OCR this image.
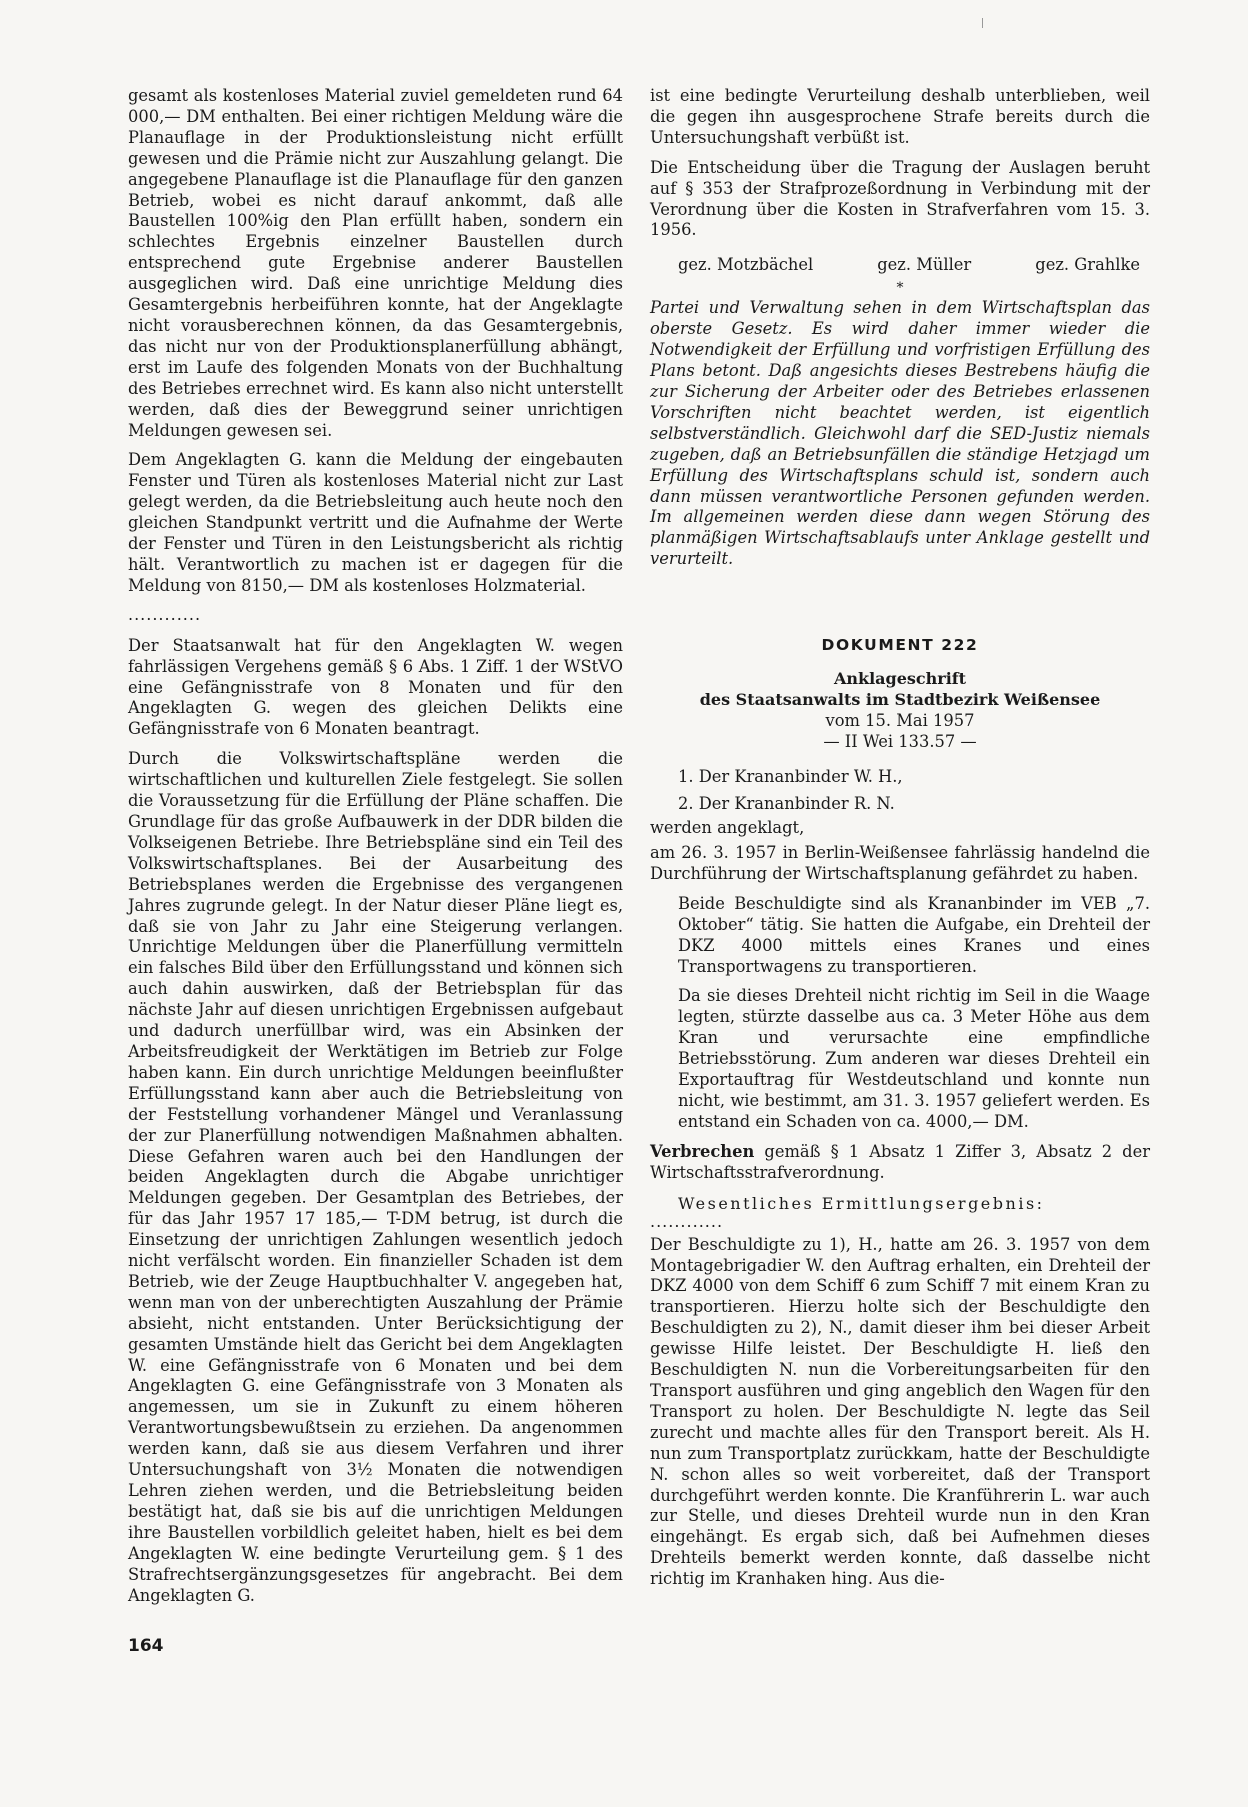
gesamt als kostenloses Material zuviel gemeldeten rund 64 000,— DM enthalten. Bei einer richtigen Meldung wäre die Planauflage in der Produktionsleistung nicht erfüllt gewesen und die Prämie nicht zur Auszahlung gelangt. Die angegebene Planauflage ist die Planauflage für den ganzen Betrieb, wobei es nicht darauf ankommt, daß alle Baustellen 100%ig den Plan erfüllt haben, sondern ein schlechtes Ergebnis einzelner Baustellen durch entsprechend gute Ergebnise anderer Baustellen ausgeglichen wird. Daß eine unrichtige Meldung dies Gesamtergebnis herbeiführen konnte, hat der Angeklagte nicht vorausberechnen können, da das Gesamtergebnis, das nicht nur von der Produktionsplanerfüllung abhängt, erst im Laufe des folgenden Monats von der Buchhaltung des Betriebes errechnet wird. Es kann also nicht unterstellt werden, daß dies der Beweggrund seiner unrichtigen Meldungen gewesen sei.

Dem Angeklagten G. kann die Meldung der eingebauten Fenster und Türen als kostenloses Material nicht zur Last gelegt werden, da die Betriebsleitung auch heute noch den gleichen Standpunkt vertritt und die Aufnahme der Werte der Fenster und Türen in den Leistungsbericht als richtig hält. Verantwortlich zu machen ist er dagegen für die Meldung von 8150,— DM als kostenloses Holzmaterial.

............

Der Staatsanwalt hat für den Angeklagten W. wegen fahrlässigen Vergehens gemäß § 6 Abs. 1 Ziff. 1 der WStVO eine Gefängnisstrafe von 8 Monaten und für den Angeklagten G. wegen des gleichen Delikts eine Gefängnisstrafe von 6 Monaten beantragt.

Durch die Volkswirtschaftspläne werden die wirtschaftlichen und kulturellen Ziele festgelegt. Sie sollen die Voraussetzung für die Erfüllung der Pläne schaffen. Die Grundlage für das große Aufbauwerk in der DDR bilden die Volkseigenen Betriebe. Ihre Betriebspläne sind ein Teil des Volkswirtschaftsplanes. Bei der Ausarbeitung des Betriebsplanes werden die Ergebnisse des vergangenen Jahres zugrunde gelegt. In der Natur dieser Pläne liegt es, daß sie von Jahr zu Jahr eine Steigerung verlangen. Unrichtige Meldungen über die Planerfüllung vermitteln ein falsches Bild über den Erfüllungsstand und können sich auch dahin auswirken, daß der Betriebsplan für das nächste Jahr auf diesen unrichtigen Ergebnissen aufgebaut und dadurch unerfüllbar wird, was ein Absinken der Arbeitsfreudigkeit der Werktätigen im Betrieb zur Folge haben kann. Ein durch unrichtige Meldungen beeinflußter Erfüllungsstand kann aber auch die Betriebsleitung von der Feststellung vorhandener Mängel und Veranlassung der zur Planerfüllung notwendigen Maßnahmen abhalten. Diese Gefahren waren auch bei den Handlungen der beiden Angeklagten durch die Abgabe unrichtiger Meldungen gegeben. Der Gesamtplan des Betriebes, der für das Jahr 1957 17 185,— T-DM betrug, ist durch die Einsetzung der unrichtigen Zahlungen wesentlich jedoch nicht verfälscht worden. Ein finanzieller Schaden ist dem Betrieb, wie der Zeuge Hauptbuchhalter V. angegeben hat, wenn man von der unberechtigten Auszahlung der Prämie absieht, nicht entstanden. Unter Berücksichtigung der gesamten Umstände hielt das Gericht bei dem Angeklagten W. eine Gefängnisstrafe von 6 Monaten und bei dem Angeklagten G. eine Gefängnisstrafe von 3 Monaten als angemessen, um sie in Zukunft zu einem höheren Verantwortungsbewußtsein zu erziehen. Da angenommen werden kann, daß sie aus diesem Verfahren und ihrer Untersuchungshaft von 3½ Monaten die notwendigen Lehren ziehen werden, und die Betriebsleitung beiden bestätigt hat, daß sie bis auf die unrichtigen Meldungen ihre Baustellen vorbildlich geleitet haben, hielt es bei dem Angeklagten W. eine bedingte Verurteilung gem. § 1 des Strafrechtsergänzungsgesetzes für angebracht. Bei dem Angeklagten G.

ist eine bedingte Verurteilung deshalb unterblieben, weil die gegen ihn ausgesprochene Strafe bereits durch die Untersuchungshaft verbüßt ist.

Die Entscheidung über die Tragung der Auslagen beruht auf § 353 der Strafprozeßordnung in Verbindung mit der Verordnung über die Kosten in Strafverfahren vom 15. 3. 1956.

gez. Motzbächel	gez. Müller	gez. Grahlke
*

Partei und Verwaltung sehen in dem Wirtschaftsplan das oberste Gesetz. Es wird daher immer wieder die Notwendigkeit der Erfüllung und vorfristigen Erfüllung des Plans betont. Daß angesichts dieses Bestrebens häufig die zur Sicherung der Arbeiter oder des Betriebes erlassenen Vorschriften nicht beachtet werden, ist eigentlich selbstverständlich. Gleichwohl darf die SED-Justiz niemals zugeben, daß an Betriebsunfällen die ständige Hetzjagd um Erfüllung des Wirtschaftsplans schuld ist, sondern auch dann müssen verantwortliche Personen gefunden werden. Im allgemeinen werden diese dann wegen Störung des planmäßigen Wirtschaftsablaufs unter Anklage gestellt und verurteilt.

DOKUMENT 222
Anklageschrift
des Staatsanwalts im Stadtbezirk Weißensee
vom 15. Mai 1957
— II Wei 133.57 —
1. Der Krananbinder W. H.,
2. Der Krananbinder R. N.

werden angeklagt,

am 26. 3. 1957 in Berlin-Weißensee fahrlässig handelnd die Durchführung der Wirtschaftsplanung gefährdet zu haben.

Beide Beschuldigte sind als Krananbinder im VEB „7. Oktober“ tätig. Sie hatten die Aufgabe, ein Drehteil der DKZ 4000 mittels eines Kranes und eines Transportwagens zu transportieren.

Da sie dieses Drehteil nicht richtig im Seil in die Waage legten, stürzte dasselbe aus ca. 3 Meter Höhe aus dem Kran und verursachte eine empfindliche Betriebsstörung. Zum anderen war dieses Drehteil ein Exportauftrag für Westdeutschland und konnte nun nicht, wie bestimmt, am 31. 3. 1957 geliefert werden. Es entstand ein Schaden von ca. 4000,— DM.

Verbrechen gemäß § 1 Absatz 1 Ziffer 3, Absatz 2 der Wirtschaftsstrafverordnung.

Wesentliches Ermittlungsergebnis:
............

Der Beschuldigte zu 1), H., hatte am 26. 3. 1957 von dem Montagebrigadier W. den Auftrag erhalten, ein Drehteil der DKZ 4000 von dem Schiff 6 zum Schiff 7 mit einem Kran zu transportieren. Hierzu holte sich der Beschuldigte den Beschuldigten zu 2), N., damit dieser ihm bei dieser Arbeit gewisse Hilfe leistet. Der Beschuldigte H. ließ den Beschuldigten N. nun die Vorbereitungsarbeiten für den Transport ausführen und ging angeblich den Wagen für den Transport zu holen. Der Beschuldigte N. legte das Seil zurecht und machte alles für den Transport bereit. Als H. nun zum Transportplatz zurückkam, hatte der Beschuldigte N. schon alles so weit vorbereitet, daß der Transport durchgeführt werden konnte. Die Kranführerin L. war auch zur Stelle, und dieses Drehteil wurde nun in den Kran eingehängt. Es ergab sich, daß bei Aufnehmen dieses Drehteils bemerkt werden konnte, daß dasselbe nicht richtig im Kranhaken hing. Aus die-

164
